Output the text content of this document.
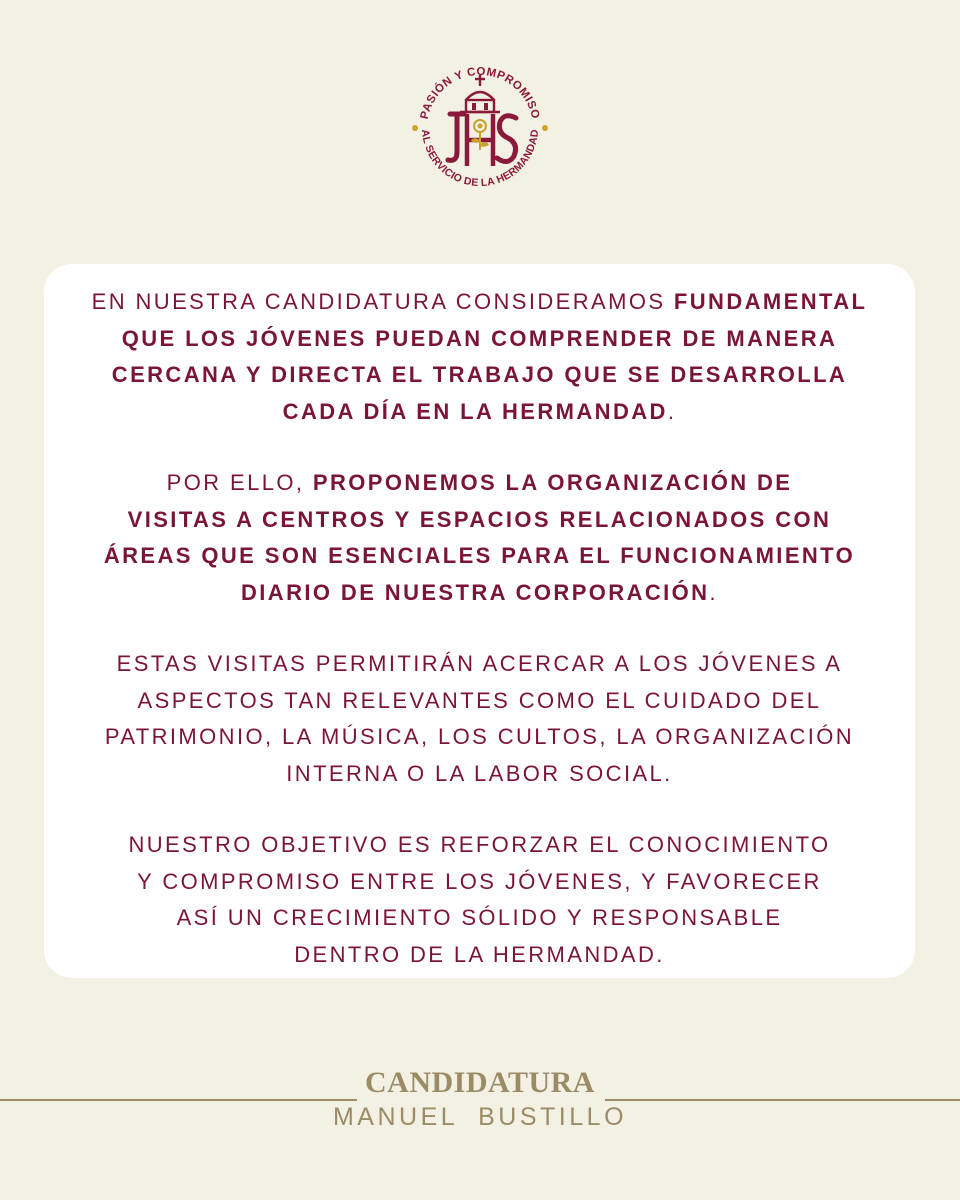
PASIÓN Y COMPROMISO
AL SERVICIO DE LA HERMANDAD

EN NUESTRA CANDIDATURA CONSIDERAMOS FUNDAMENTAL
QUE LOS JÓVENES PUEDAN COMPRENDER DE MANERA
CERCANA Y DIRECTA EL TRABAJO QUE SE DESARROLLA
CADA DÍA EN LA HERMANDAD.

POR ELLO, PROPONEMOS LA ORGANIZACIÓN DE
VISITAS A CENTROS Y ESPACIOS RELACIONADOS CON
ÁREAS QUE SON ESENCIALES PARA EL FUNCIONAMIENTO
DIARIO DE NUESTRA CORPORACIÓN.

ESTAS VISITAS PERMITIRÁN ACERCAR A LOS JÓVENES A
ASPECTOS TAN RELEVANTES COMO EL CUIDADO DEL
PATRIMONIO, LA MÚSICA, LOS CULTOS, LA ORGANIZACIÓN
INTERNA O LA LABOR SOCIAL.

NUESTRO OBJETIVO ES REFORZAR EL CONOCIMIENTO
Y COMPROMISO ENTRE LOS JÓVENES, Y FAVORECER
ASÍ UN CRECIMIENTO SÓLIDO Y RESPONSABLE
DENTRO DE LA HERMANDAD.

CANDIDATURA
MANUEL  BUSTILLO
